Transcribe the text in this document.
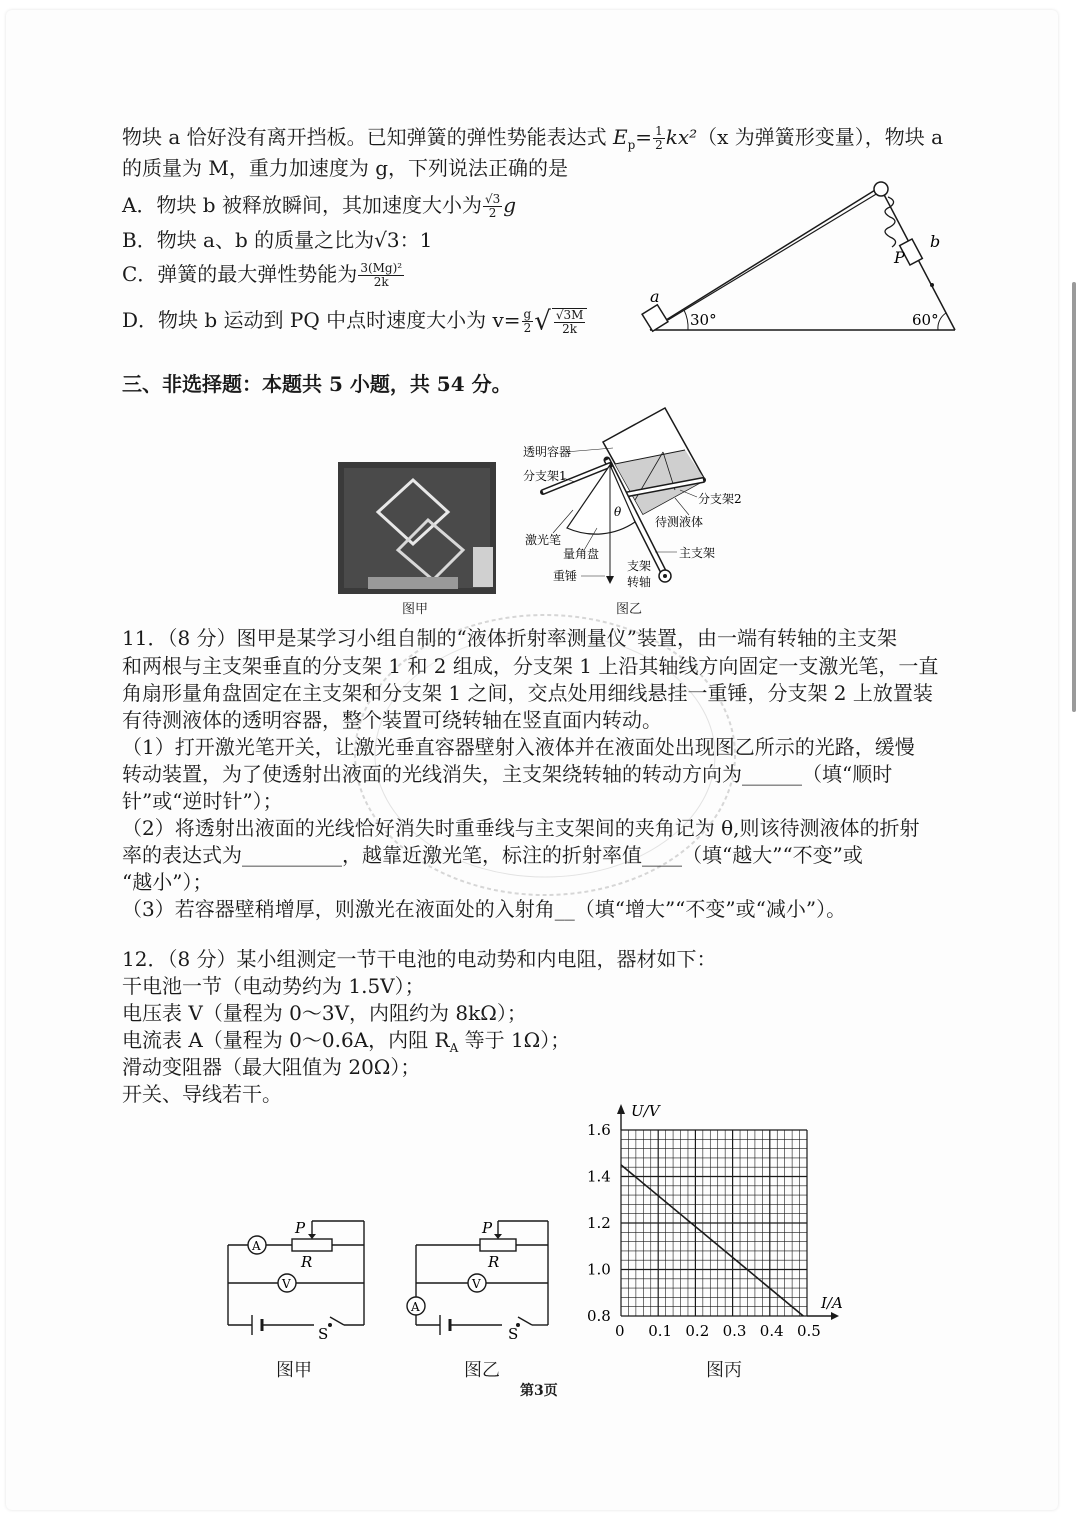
物块 a 恰好没有离开挡板。已知弹簧的弹性势能表达式 $E_p= \frac{1}{2} kx^2(x$ 为弹簧形变量），物块 a
的质量为 M，重力加速度为 g，下列说法正确的是
A．物块 b 被释放瞬间，其加速度大小为 $\frac{√3}{2}$ g
B．物块 a、b 的质量之比为√3：1
C．弹簧的最大弹性势能为 $\frac{\text{3(Mg)²}}{2k}$
D．物块 b 运动到 PQ 中点时速度大小为 $v= \frac{g}{2}$ √ $\frac{√3M}{2k}$
a
b
P
30°	60°
三、非选择题：本题共 5 小题，共 54 分。
图甲
θ
透明容器
分支架1
分支架2
待测液体
激光笔
量角盘	主支架
重锤
支架
转轴
图乙
11．（8 分）图甲是某学习小组自制的“液体折射率测量仪”装置，由一端有转轴的主支架
和两根与主支架垂直的分支架 1 和 2 组成，分支架 1 上沿其轴线方向固定一支激光笔，一直
角扇形量角盘固定在主支架和分支架 1 之间，交点处用细线悬挂一重锤，分支架 2 上放置装
有待测液体的透明容器，整个装置可绕转轴在竖直面内转动。
（1）打开激光笔开关，让激光垂直容器壁射入液体并在液面处出现图乙所示的光路，缓慢
转动装置，为了使透射出液面的光线消失，主支架绕转轴的转动方向为______（填“顺时
针”或“逆时针”）；
（2）将透射出液面的光线恰好消失时重垂线与主支架间的夹角记为 θ,则该待测液体的折射
率的表达式为__________，越靠近激光笔，标注的折射率值____（填“越大”“不变”或
“越小”）；
（3）若容器壁稍增厚，则激光在液面处的入射角__（填“增大”“不变”或“减小”）。
12．（8 分）某小组测定一节干电池的电动势和内电阻，器材如下：
干电池一节（电动势约为 1.5V）；
电压表 V（量程为 0～3V，内阻约为 8kΩ）；
电流表 A（量程为 0～0.6A，内阻 $R_A$ 等于 1Ω）；
滑动变阻器（最大阻值为 20Ω）；
开关、导线若干。
A
V
P
R
S
图甲
A
V
P
R
S
图乙
0 0.1 0.2 0.3 0.4 0.5
0.8
1.0
1.2
1.4
1.6
U/V
I/A
图丙
第3页
